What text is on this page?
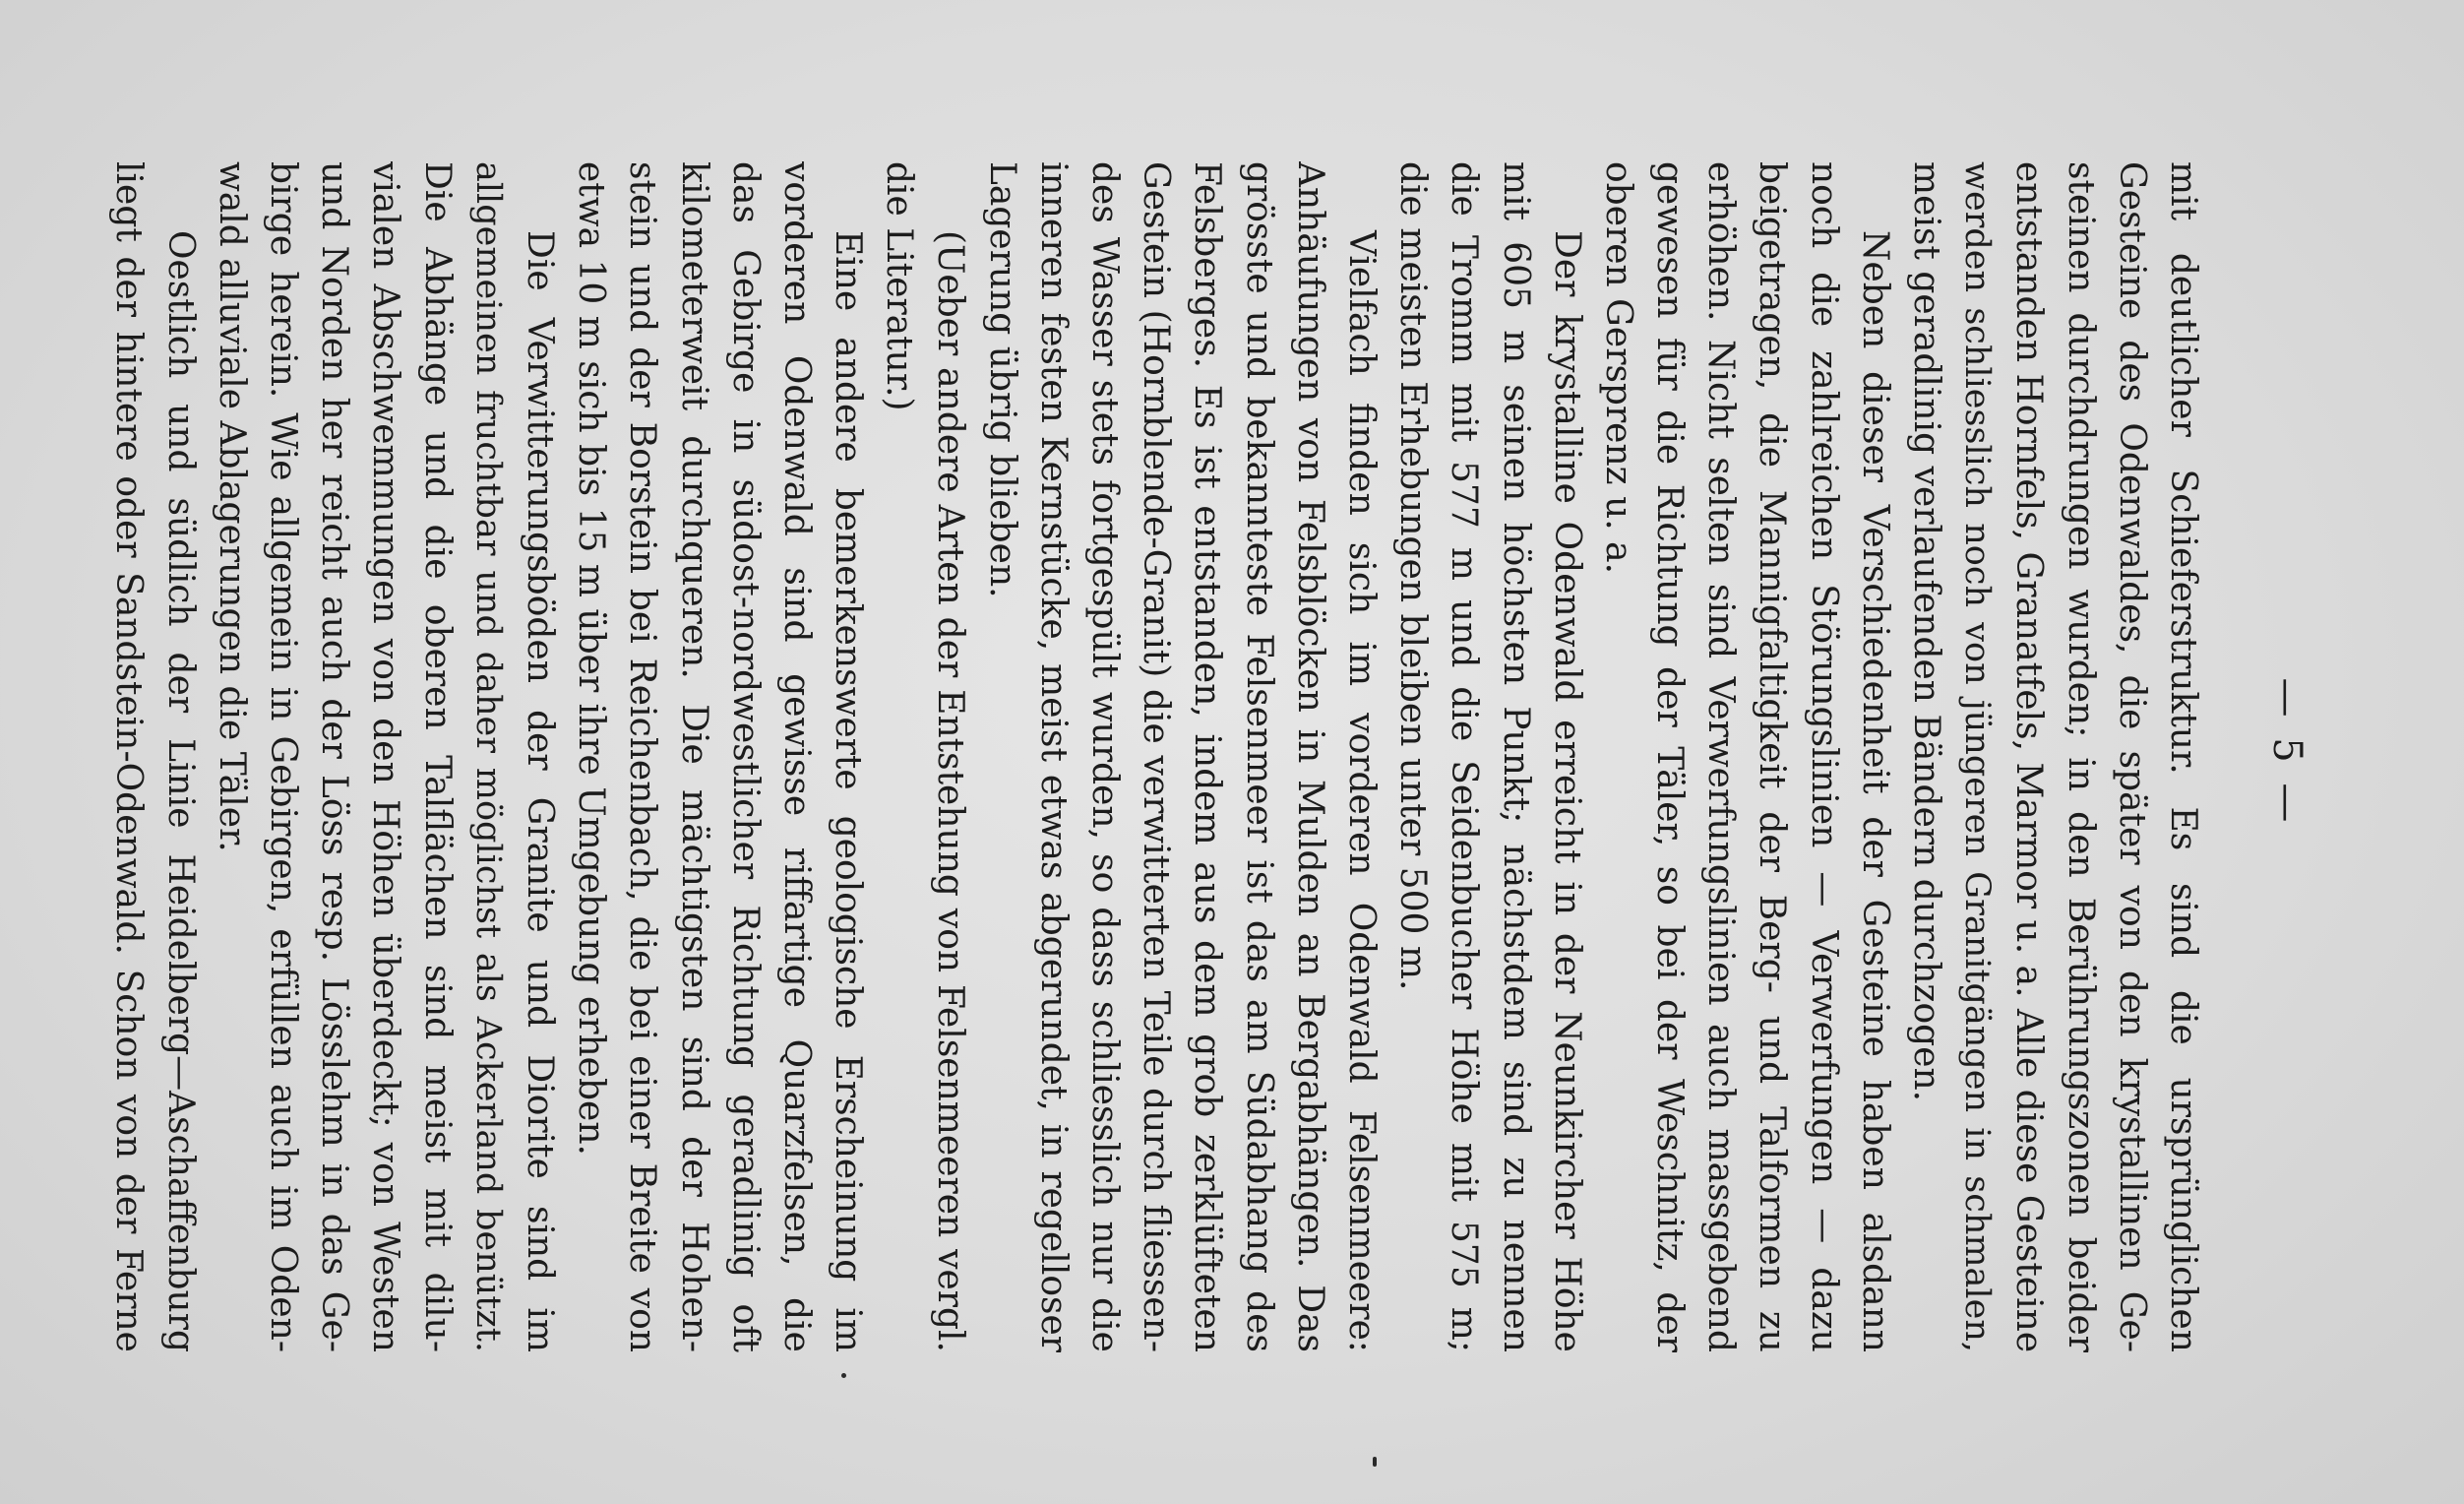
— 5 —
mit deutlicher Schieferstruktur. Es sind die ursprünglichen
Gesteine des Odenwaldes, die später von den krystallinen Ge-
steinen durchdrungen wurden; in den Berührungszonen beider
entstanden Hornfels, Granatfels, Marmor u. a. Alle diese Gesteine
werden schliesslich noch von jüngeren Granitgängen in schmalen,
meist geradlinig verlaufenden Bändern durchzogen.
Neben dieser Verschiedenheit der Gesteine haben alsdann
noch die zahlreichen Störungslinien — Verwerfungen — dazu
beigetragen, die Mannigfaltigkeit der Berg- und Talformen zu
erhöhen. Nicht selten sind Verwerfungslinien auch massgebend
gewesen für die Richtung der Täler, so bei der Weschnitz, der
oberen Gersprenz u. a.
Der krystalline Odenwald erreicht in der Neunkircher Höhe
mit 605 m seinen höchsten Punkt; nächstdem sind zu nennen
die Tromm mit 577 m und die Seidenbucher Höhe mit 575 m;
die meisten Erhebungen bleiben unter 500 m.
Vielfach finden sich im vorderen Odenwald Felsenmeere:
Anhäufungen von Felsblöcken in Mulden an Bergabhängen. Das
grösste und bekannteste Felsenmeer ist das am Südabhang des
Felsberges. Es ist entstanden, indem aus dem grob zerklüfteten
Gestein (Hornblende-Granit) die verwitterten Teile durch fliessen-
des Wasser stets fortgespült wurden, so dass schliesslich nur die
inneren festen Kernstücke, meist etwas abgerundet, in regelloser
Lagerung übrig blieben.
(Ueber andere Arten der Entstehung von Felsenmeeren vergl.
die Literatur.)
Eine andere bemerkenswerte geologische Erscheinung im
vorderen Odenwald sind gewisse riffartige Quarzfelsen, die
das Gebirge in südost-nordwestlicher Richtung geradlinig oft
kilometerweit durchqueren. Die mächtigsten sind der Hohen-
stein und der Borstein bei Reichenbach, die bei einer Breite von
etwa 10 m sich bis 15 m über ihre Umgebung erheben.
Die Verwitterungsböden der Granite und Diorite sind im
allgemeinen fruchtbar und daher möglichst als Ackerland benützt.
Die Abhänge und die oberen Talflächen sind meist mit dilu-
vialen Abschwemmungen von den Höhen überdeckt; von Westen
und Norden her reicht auch der Löss resp. Lösslehm in das Ge-
birge herein. Wie allgemein in Gebirgen, erfüllen auch im Oden-
wald alluviale Ablagerungen die Täler.
Oestlich und südlich der Linie Heidelberg—Aschaffenburg
liegt der hintere oder Sandstein-Odenwald. Schon von der Ferne
